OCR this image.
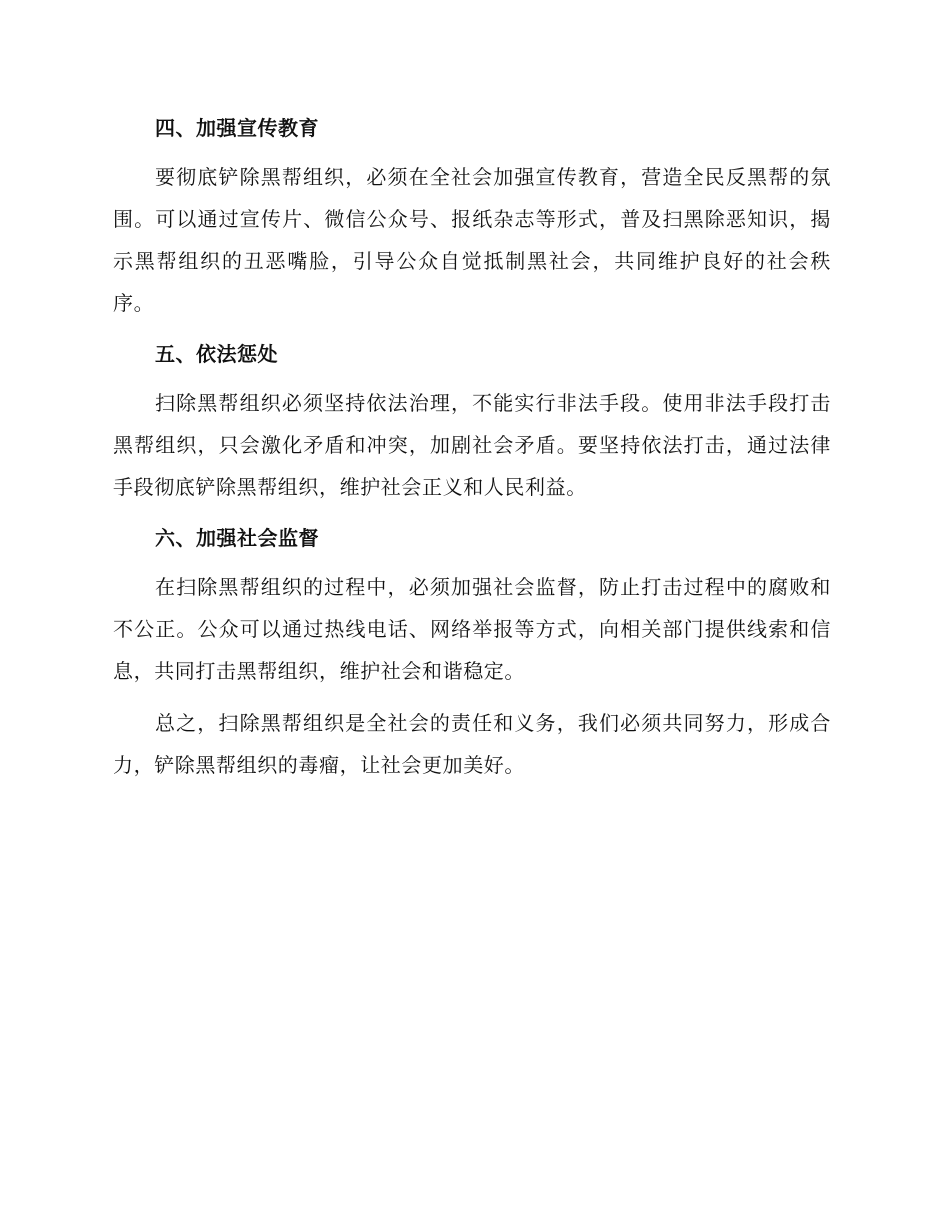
四、加强宣传教育

要彻底铲除黑帮组织，必须在全社会加强宣传教育，营造全民反黑帮的氛围。可以通过宣传片、微信公众号、报纸杂志等形式，普及扫黑除恶知识，揭示黑帮组织的丑恶嘴脸，引导公众自觉抵制黑社会，共同维护良好的社会秩序。

五、依法惩处

扫除黑帮组织必须坚持依法治理，不能实行非法手段。使用非法手段打击黑帮组织，只会激化矛盾和冲突，加剧社会矛盾。要坚持依法打击，通过法律手段彻底铲除黑帮组织，维护社会正义和人民利益。

六、加强社会监督

在扫除黑帮组织的过程中，必须加强社会监督，防止打击过程中的腐败和不公正。公众可以通过热线电话、网络举报等方式，向相关部门提供线索和信息，共同打击黑帮组织，维护社会和谐稳定。

总之，扫除黑帮组织是全社会的责任和义务，我们必须共同努力，形成合力，铲除黑帮组织的毒瘤，让社会更加美好。
